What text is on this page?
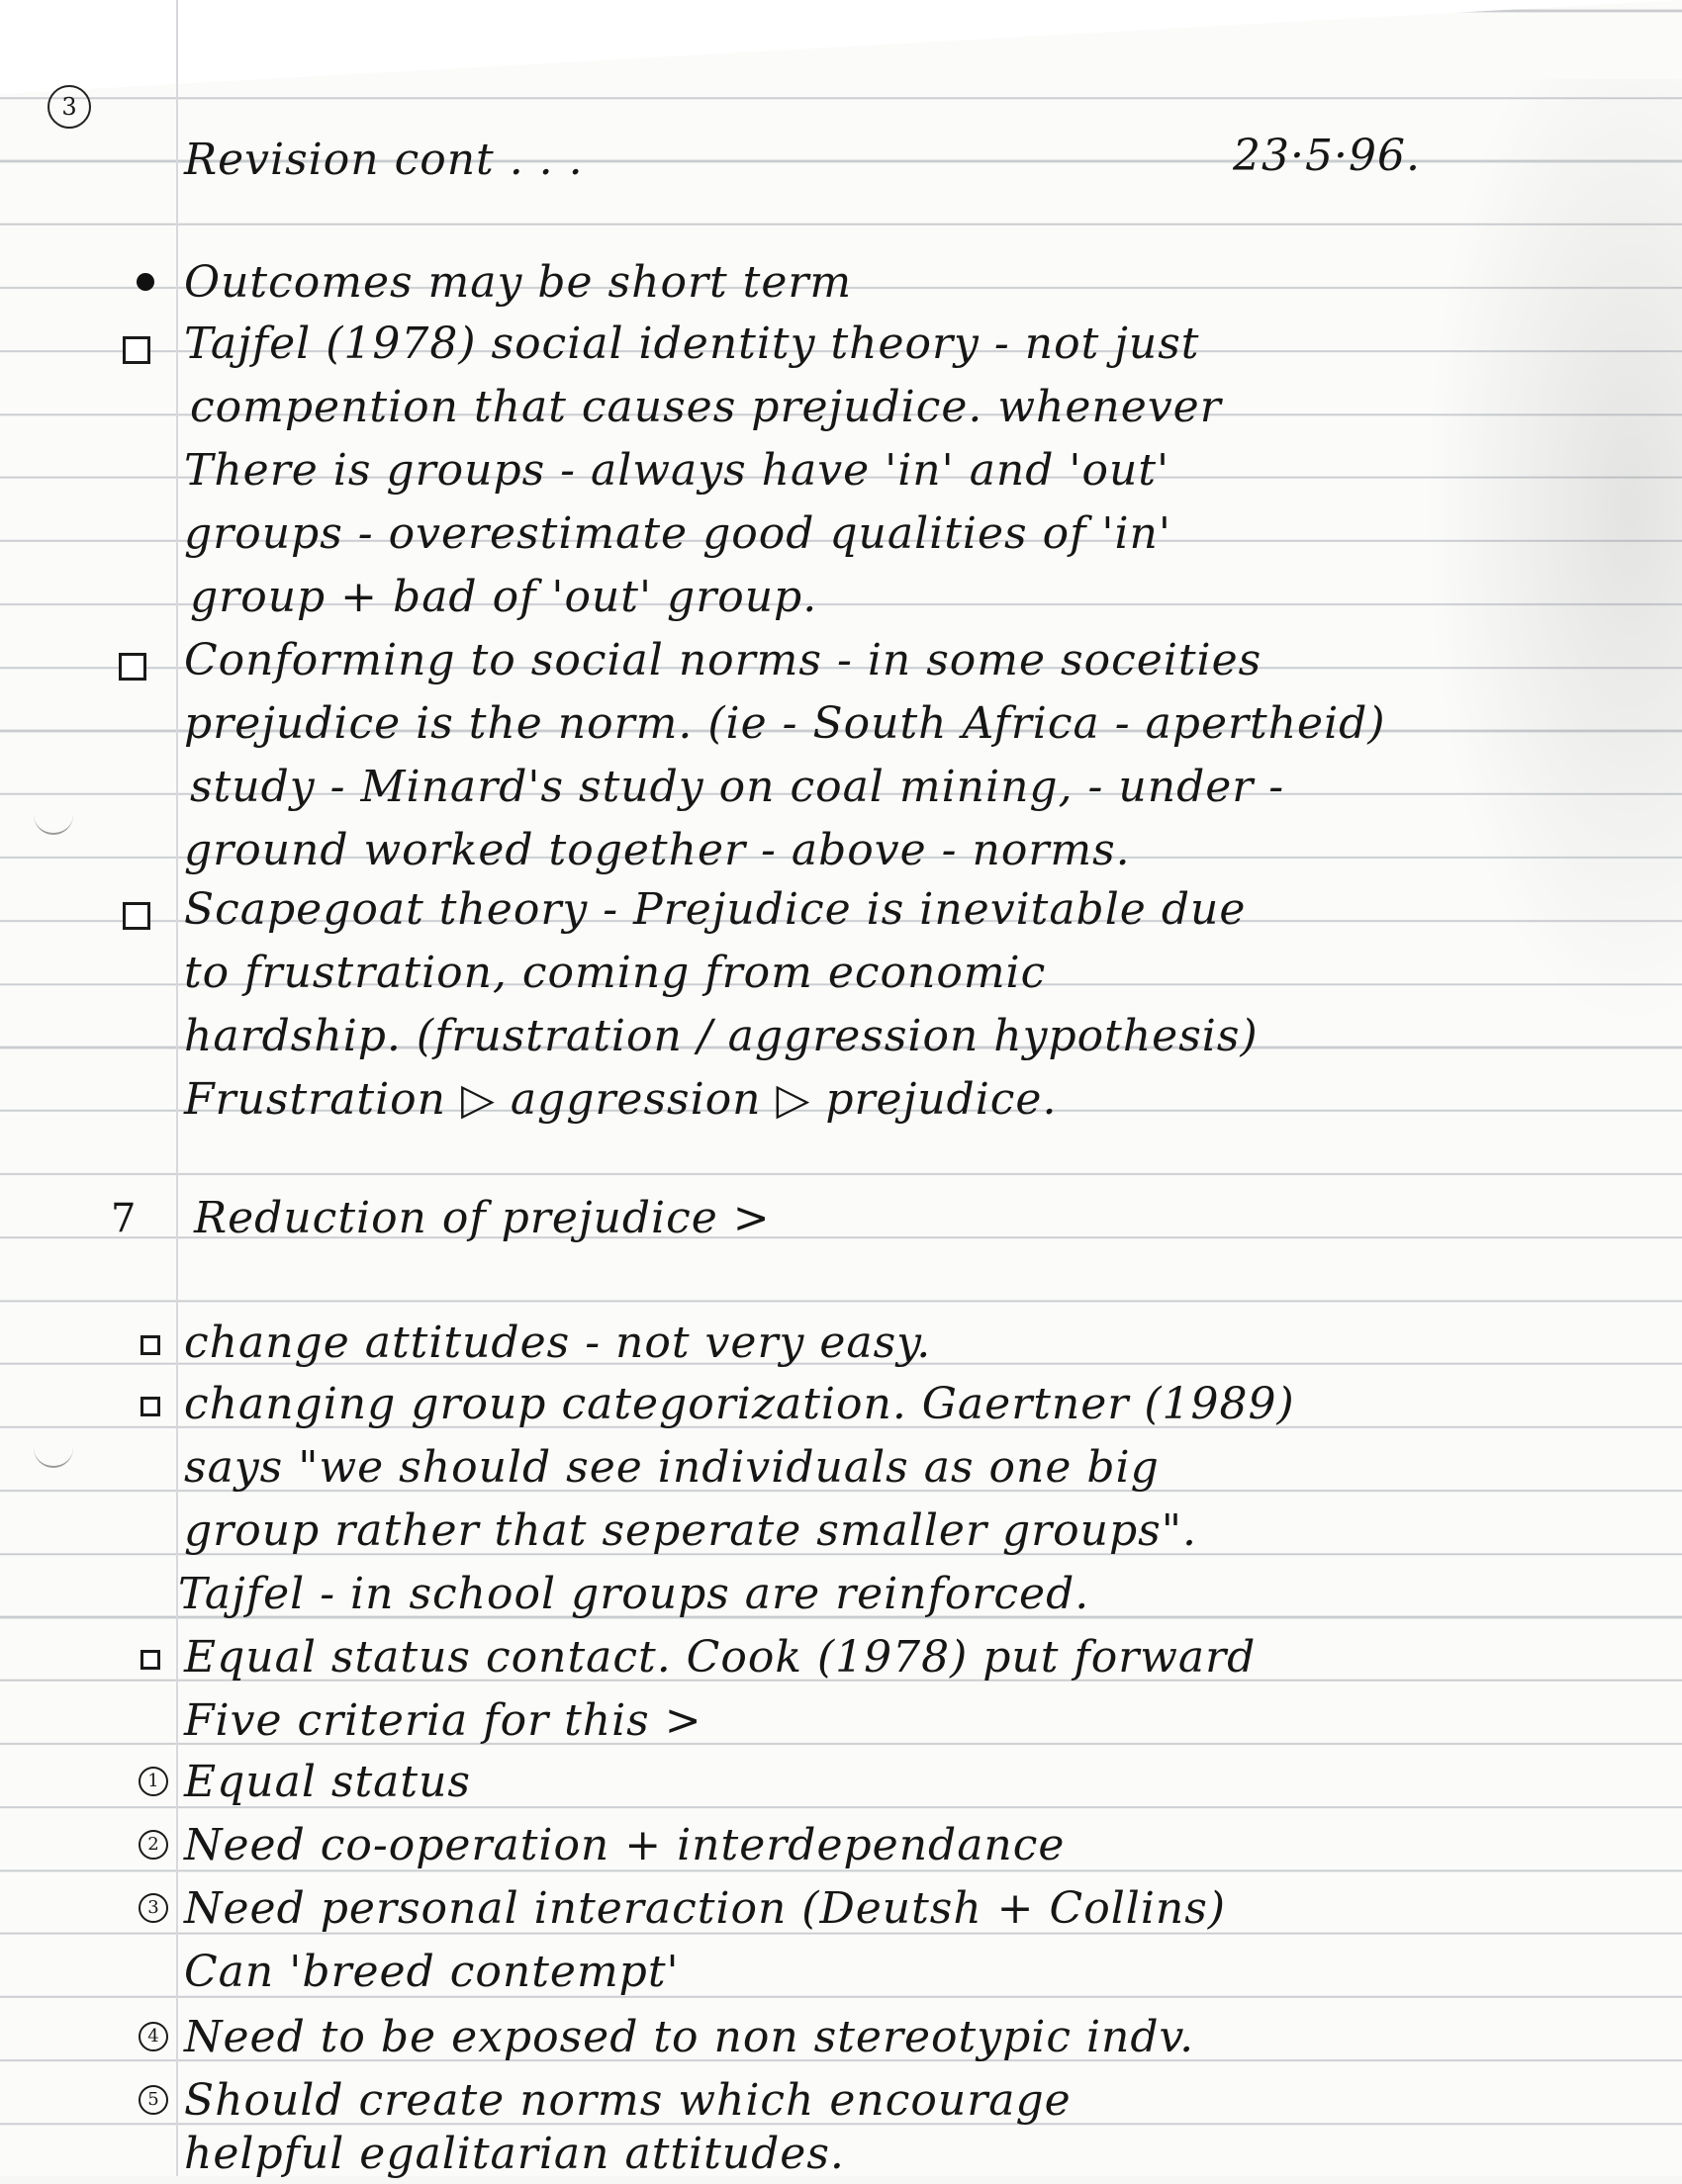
3
Revision cont . . .	23·5·96.
Outcomes may be short term
Tajfel (1978) social identity theory - not just
compention that causes prejudice. whenever
There is groups - always have 'in' and 'out'
groups - overestimate good qualities of 'in'
group + bad of 'out' group.
Conforming to social norms - in some soceities
prejudice is the norm. (ie - South Africa - apertheid)
study - Minard's study on coal mining, - under -
ground worked together - above - norms.
Scapegoat theory - Prejudice is inevitable due
to frustration, coming from economic
hardship. (frustration / aggression hypothesis)
Frustration ▷ aggression ▷ prejudice.
7 Reduction of prejudice >
change attitudes - not very easy.
changing group categorization. Gaertner (1989)
says "we should see individuals as one big
group rather that seperate smaller groups".
Tajfel - in school groups are reinforced.
Equal status contact. Cook (1978) put forward
Five criteria for this >
1 Equal status
2 Need co-operation + interdependance
3 Need personal interaction (Deutsh + Collins)
Can 'breed contempt'
4 Need to be exposed to non stereotypic indv.
5 Should create norms which encourage
helpful egalitarian attitudes.
